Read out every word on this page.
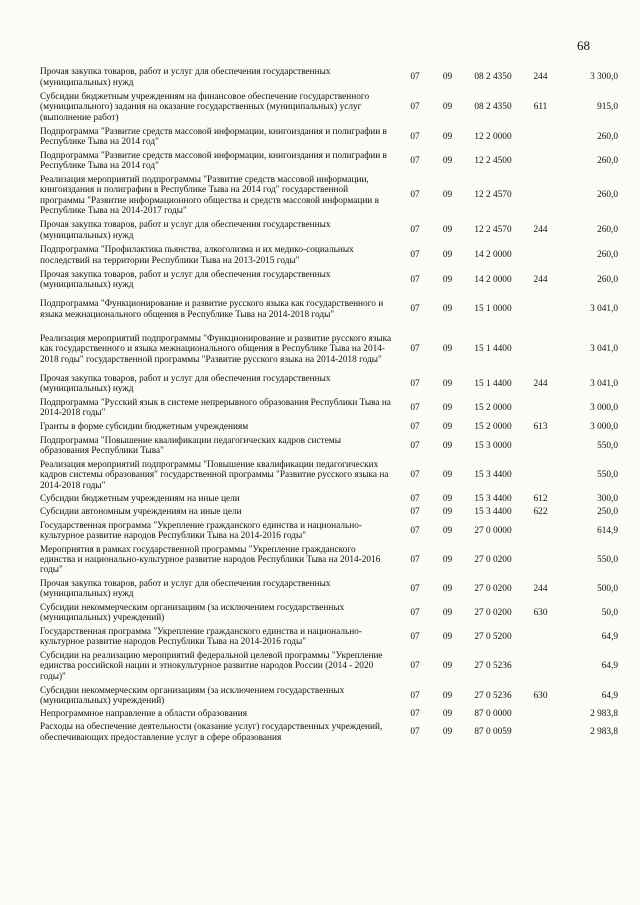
68
Прочая закупка товаров, работ и услуг для обеспечения государственных (муниципальных) нужд	07	09	08 2 4350	244	3 300,0
Субсидии бюджетным учреждениям на финансовое обеспечение государственного (муниципального) задания на оказание государственных (муниципальных) услуг (выполнение работ)	07	09	08 2 4350	611	915,0
Подпрограмма "Развитие средств массовой информации, книгоиздания и полиграфии в Республике Тыва на 2014 год"	07	09	12 2 0000		260,0
Подпрограмма "Развитие средств массовой информации, книгоиздания и полиграфии в Республике Тыва на 2014 год"	07	09	12 2 4500		260,0
Реализация мероприятий подпрограммы "Развитие средств массовой информации, книгоиздания и полиграфии в Республике Тыва на 2014 год" государственной программы "Развитие информационного общества и средств массовой информации в Республике Тыва на 2014-2017 годы"	07	09	12 2 4570		260,0
Прочая закупка товаров, работ и услуг для обеспечения государственных (муниципальных) нужд	07	09	12 2 4570	244	260,0
Подпрограмма "Профилактика пьянства, алкоголизма и их медико-социальных последствий на территории Республики Тыва на 2013-2015 годы"	07	09	14 2 0000		260,0
Прочая закупка товаров, работ и услуг для обеспечения государственных (муниципальных) нужд	07	09	14 2 0000	244	260,0
Подпрограмма "Функционирование и развитие русского языка как государственного и языка межнационального общения в Республике Тыва на 2014-2018 годы"	07	09	15 1 0000		3 041,0
Реализация мероприятий подпрограммы "Функционирование и развитие русского языка как государственного и языка межнационального общения в Республике Тыва на 2014-2018 годы" государственной программы "Развитие русского языка на 2014-2018 годы"	07	09	15 1 4400		3 041,0
Прочая закупка товаров, работ и услуг для обеспечения государственных (муниципальных) нужд	07	09	15 1 4400	244	3 041,0
Подпрограмма "Русский язык в системе непрерывного образования Республики Тыва на 2014-2018 годы"	07	09	15 2 0000		3 000,0
Гранты в форме субсидии бюджетным учреждениям	07	09	15 2 0000	613	3 000,0
Подпрограмма "Повышение квалификации педагогических кадров системы образования Республики Тыва"	07	09	15 3 0000		550,0
Реализация мероприятий подпрограммы "Повышение квалификации педагогических кадров системы образования" государственной программы "Развитие русского языка на 2014-2018 годы"	07	09	15 3 4400		550,0
Субсидии бюджетным учреждениям на иные цели	07	09	15 3 4400	612	300,0
Субсидии автономным учреждениям на иные цели	07	09	15 3 4400	622	250,0
Государственная программа "Укрепление гражданского единства и национально-культурное развитие народов Республики Тыва на 2014-2016 годы"	07	09	27 0 0000		614,9
Мероприятия в рамках государственной программы "Укрепление гражданского единства и национально-культурное развитие народов Республики Тыва на 2014-2016 годы"	07	09	27 0 0200		550,0
Прочая закупка товаров, работ и услуг для обеспечения государственных (муниципальных) нужд	07	09	27 0 0200	244	500,0
Субсидии некоммерческим организациям (за исключением государственных (муниципальных) учреждений)	07	09	27 0 0200	630	50,0
Государственная программа "Укрепление гражданского единства и национально-культурное развитие народов Республики Тыва на 2014-2016 годы"	07	09	27 0 5200		64,9
Субсидии на реализацию мероприятий федеральной целевой программы "Укрепление единства российской нации и этнокультурное развитие народов России (2014 - 2020 годы)"	07	09	27 0 5236		64,9
Субсидии некоммерческим организациям (за исключением государственных (муниципальных) учреждений)	07	09	27 0 5236	630	64,9
Непрограммное направление в области образования	07	09	87 0 0000		2 983,8
Расходы на обеспечение деятельности (оказание услуг) государственных учреждений, обеспечивающих предоставление услуг в сфере образования	07	09	87 0 0059		2 983,8
